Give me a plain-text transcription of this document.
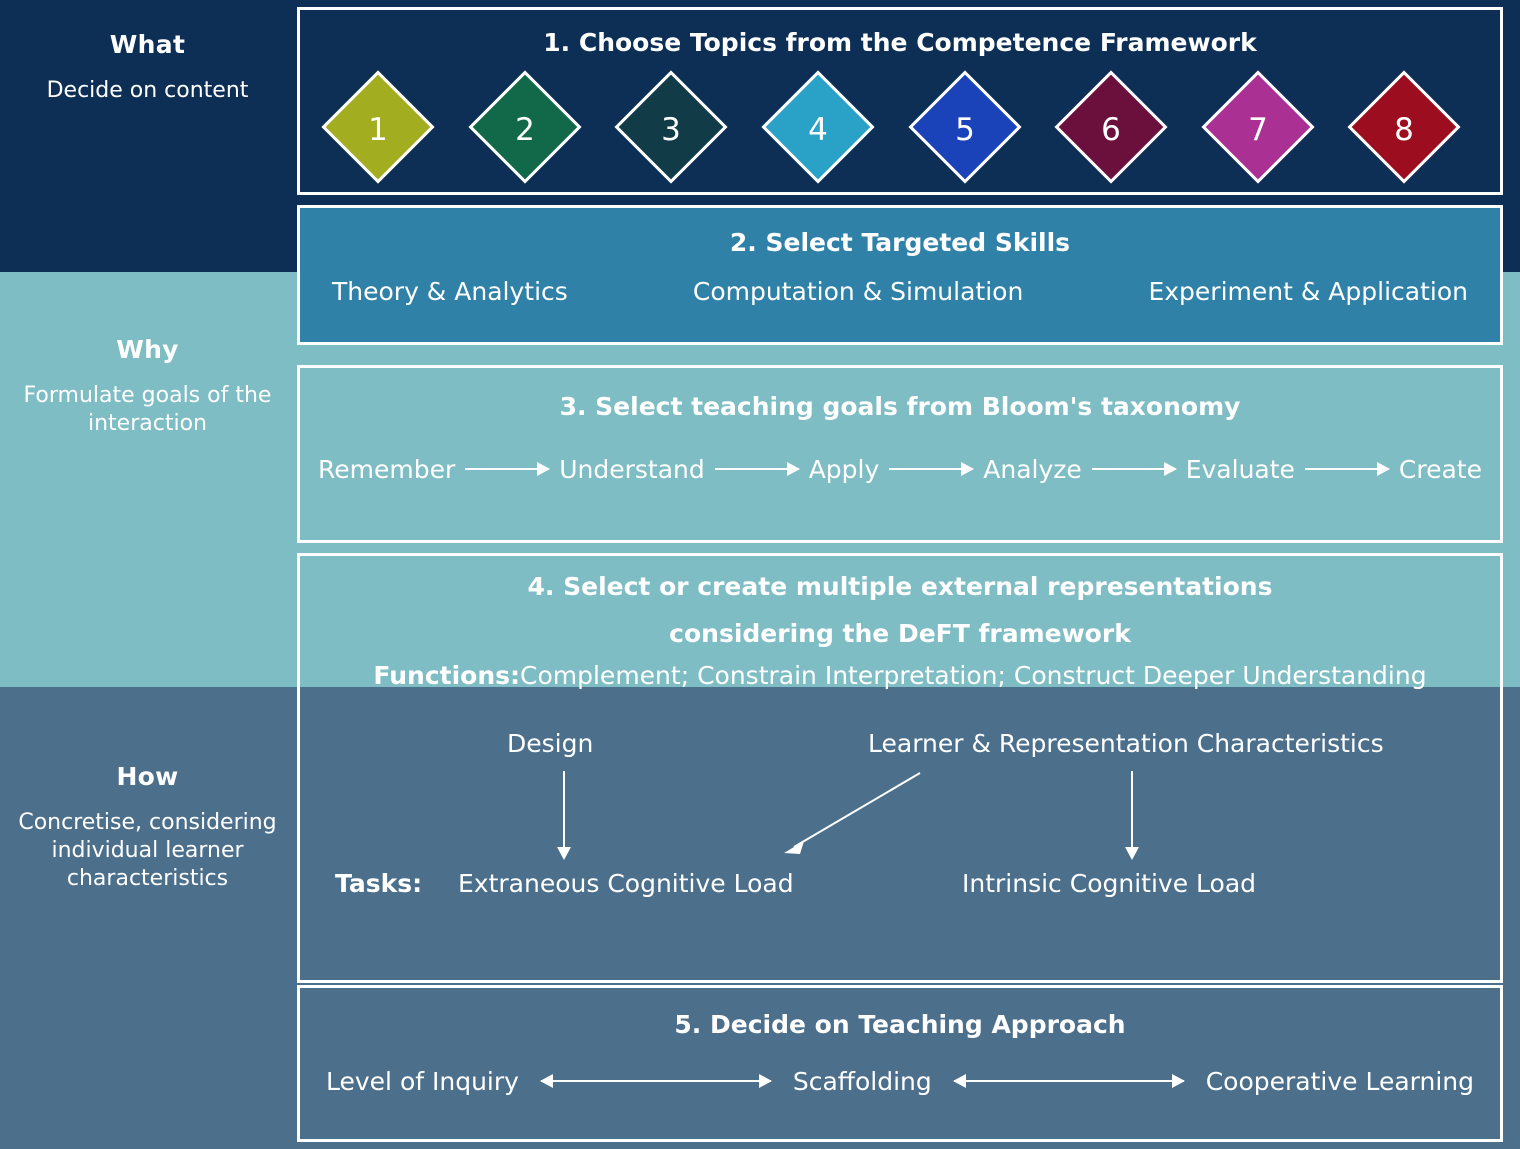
What
Decide on content
Why
Formulate goals of the interaction
How
Concretise, considering individual learner characteristics
1. Choose Topics from the Competence Framework
1	2	3	4	5	6	7	8
2. Select Targeted Skills
Theory & Analytics	Computation & Simulation	Experiment & Application
3. Select teaching goals from Bloom's taxonomy
Remember	Understand	Apply	Analyze	Evaluate	Create
4. Select or create multiple external representations
considering the DeFT framework
Functions:Complement; Constrain Interpretation; Construct Deeper Understanding
Design	Learner & Representation Characteristics
Tasks: Extraneous Cognitive Load	Intrinsic Cognitive Load
5. Decide on Teaching Approach
Level of Inquiry	Scaffolding	Cooperative Learning
